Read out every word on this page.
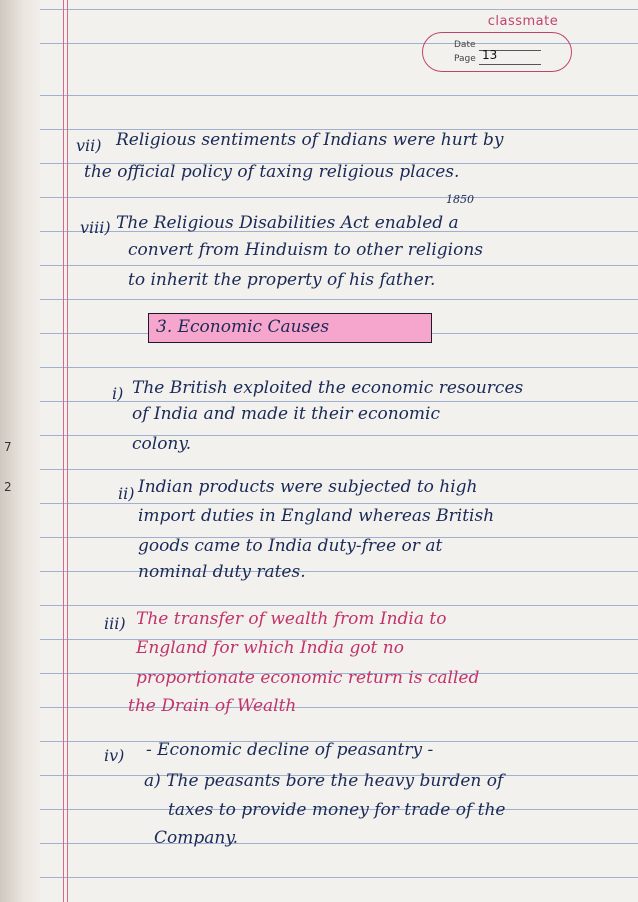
classmate
Date
Page 13
7
2
vii) Religious sentiments of Indians were hurt by
the official policy of taxing religious places.
1850
viii) The Religious Disabilities Act enabled a
convert from Hinduism to other religions
to inherit the property of his father.
3. Economic Causes
i) The British exploited the economic resources
of India and made it their economic
colony.
ii) Indian products were subjected to high
import duties in England whereas British
goods came to India duty-free or at
nominal duty rates.
iii) The transfer of wealth from India to
England for which India got no
proportionate economic return is called
the Drain of Wealth
iv) - Economic decline of peasantry -
a) The peasants bore the heavy burden of
taxes to provide money for trade of the
Company.
